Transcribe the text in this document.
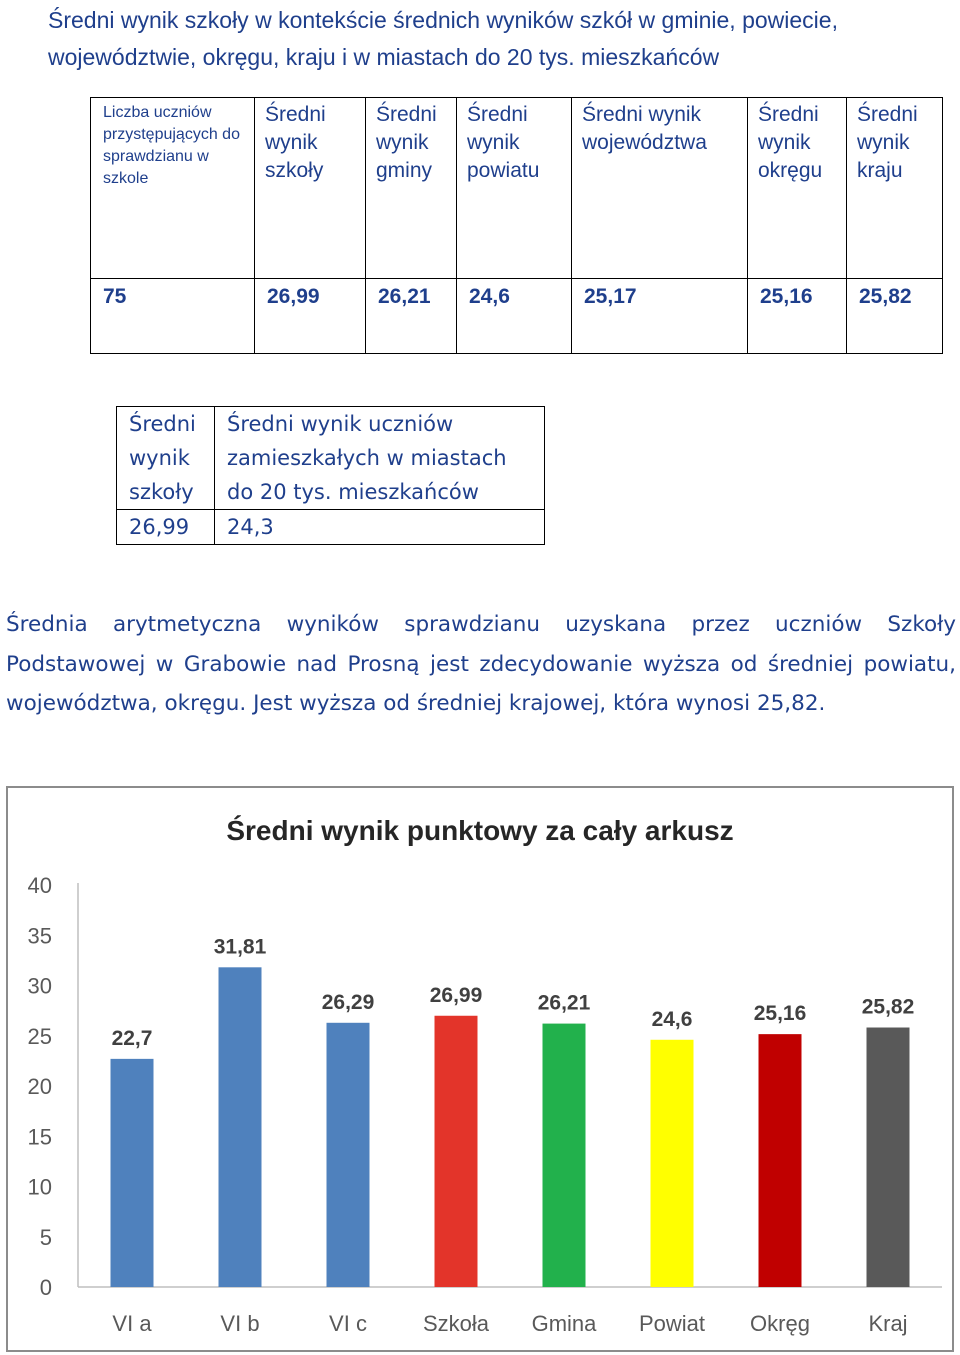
Średni wynik szkoły w kontekście średnich wyników szkół w gminie, powiecie, województwie, okręgu, kraju i w miastach do 20 tys. mieszkańców
Liczba uczniów przystępujących do sprawdzianu w szkole	Średni wynik szkoły	Średni wynik gminy	Średni wynik powiatu	Średni wynik województwa	Średni wynik okręgu	Średni wynik kraju
75	26,99	26,21	24,6	25,17	25,16	25,82
Średni wynik szkoły	Średni wynik uczniów zamieszkałych w miastach do 20 tys. mieszkańców
26,99	24,3
Średnia arytmetyczna wyników sprawdzianu uzyskana przez uczniów Szkoły Podstawowej w Grabowie nad Prosną jest zdecydowanie wyższa od średniej powiatu, województwa, okręgu. Jest wyższa od średniej krajowej, która wynosi 25,82.
Średni wynik punktowy za cały arkusz
0
5
10
15
20
25
30
35
40
22,7
31,81
26,29	26,99	26,21
24,6	25,16	25,82
VI a	VI b	VI c	Szkoła Gmina Powiat Okręg	Kraj
